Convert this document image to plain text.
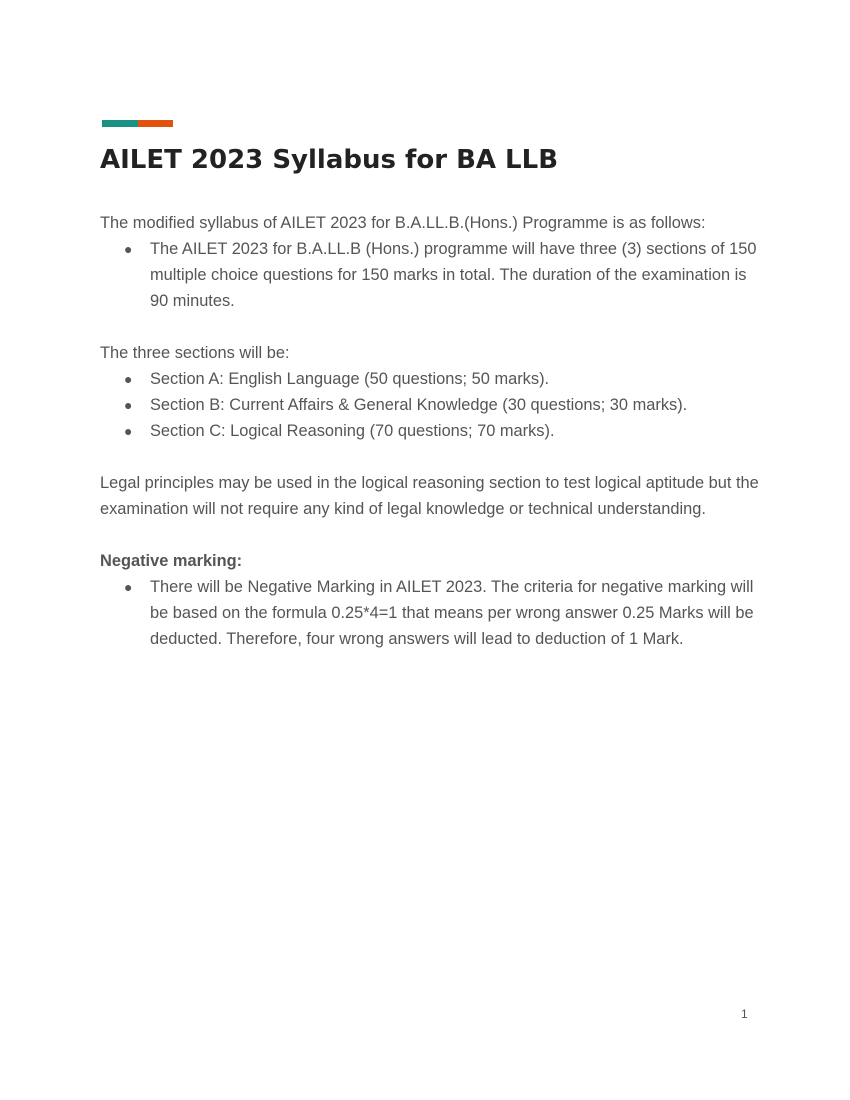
AILET 2023 Syllabus for BA LLB

The modified syllabus of AILET 2023 for B.A.LL.B.(Hons.) Programme is as follows:

● The AILET 2023 for B.A.LL.B (Hons.) programme will have three (3) sections of 150 multiple choice questions for 150 marks in total. The duration of the examination is 90 minutes.

The three sections will be:

● Section A: English Language (50 questions; 50 marks).
● Section B: Current Affairs & General Knowledge (30 questions; 30 marks).
● Section C: Logical Reasoning (70 questions; 70 marks).

Legal principles may be used in the logical reasoning section to test logical aptitude but the examination will not require any kind of legal knowledge or technical understanding.

Negative marking:

● There will be Negative Marking in AILET 2023. The criteria for negative marking will be based on the formula 0.25*4=1 that means per wrong answer 0.25 Marks will be deducted. Therefore, four wrong answers will lead to deduction of 1 Mark.
1
